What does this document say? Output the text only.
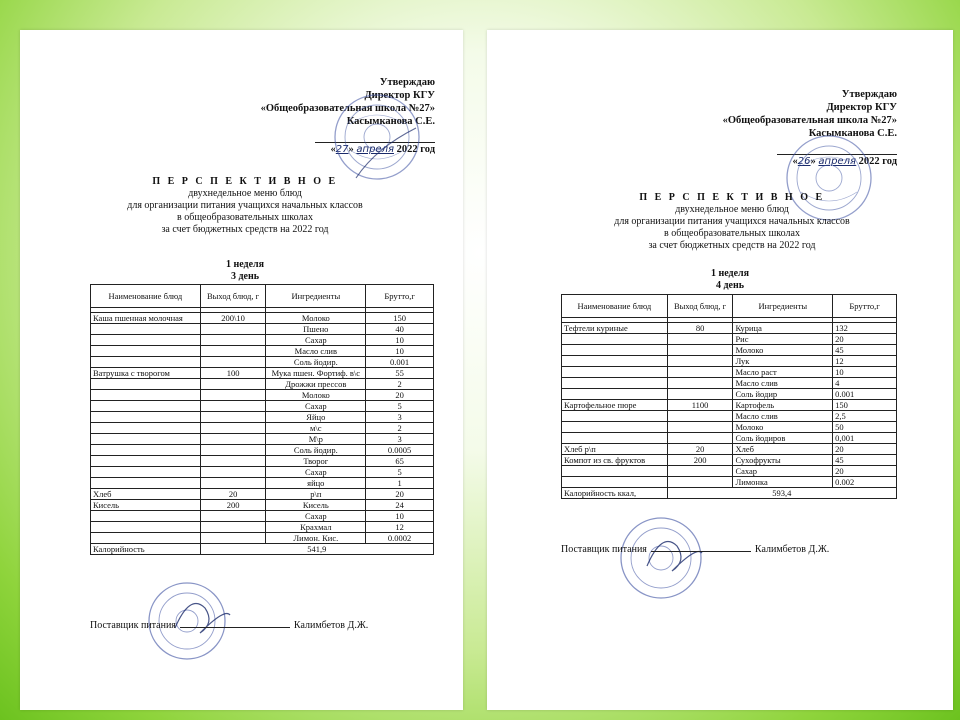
Утверждаю
Директор КГУ
«Общеобразовательная школа №27»
Касымканова С.Е.
«27» апреля 2022 год
П Е Р С П Е К Т И В Н О Е
двухнедельное меню блюд
для организации питания учащихся начальных классов
в общеобразовательных школах
за счет бюджетных средств на 2022 год
1 неделя
3 день
Наименование блюд	Выход блюд, г	Ингредиенты	Брутто,г

Каша пшенная молочная	200\10	Молоко	150
		Пшено	40
		Сахар	10
		Масло слив	10
		Соль йодир.	0.001
Ватрушка с творогом	100	Мука пшен. Фортиф. в\с	55
		Дрожжи прессов	2
		Молоко	20
		Сахар	5
		Яйцо	3
		м\с	2
		М\р	3
		Соль йодир.	0.0005
		Творог	65
		Сахар	5
		яйцо	1
Хлеб	20	р\п	20
Кисель	200	Кисель	24
		Сахар	10
		Крахмал	12
		Лимон. Кис.	0.0002
Калорийность	541,9		
Поставщик питания	Калимбетов Д.Ж.
Утверждаю
Директор КГУ
«Общеобразовательная школа №27»
Касымканова С.Е.
«26» апреля 2022 год
П Е Р С П Е К Т И В Н О Е
двухнедельное меню блюд
для организации питания учащихся начальных классов
в общеобразовательных школах
за счет бюджетных средств на 2022 год
1 неделя
4 день
Наименование блюд	Выход блюд, г	Ингредиенты	Брутто,г

Тефтели куриные	80	Курица	132
		Рис	20
		Молоко	45
		Лук	12
		Масло раст	10
		Масло слив	4
		Соль йодир	0.001
Картофельное пюре	1100	Картофель	150
		Масло слив	2,5
		Молоко	50
		Соль йодиров	0,001
Хлеб р\п	20	Хлеб	20
Компот из св. фруктов	200	Сухофрукты	45
		Сахар	20
		Лимонка	0.002
Калорийность ккал,	593,4		
Поставщик питания	Калимбетов Д.Ж.
